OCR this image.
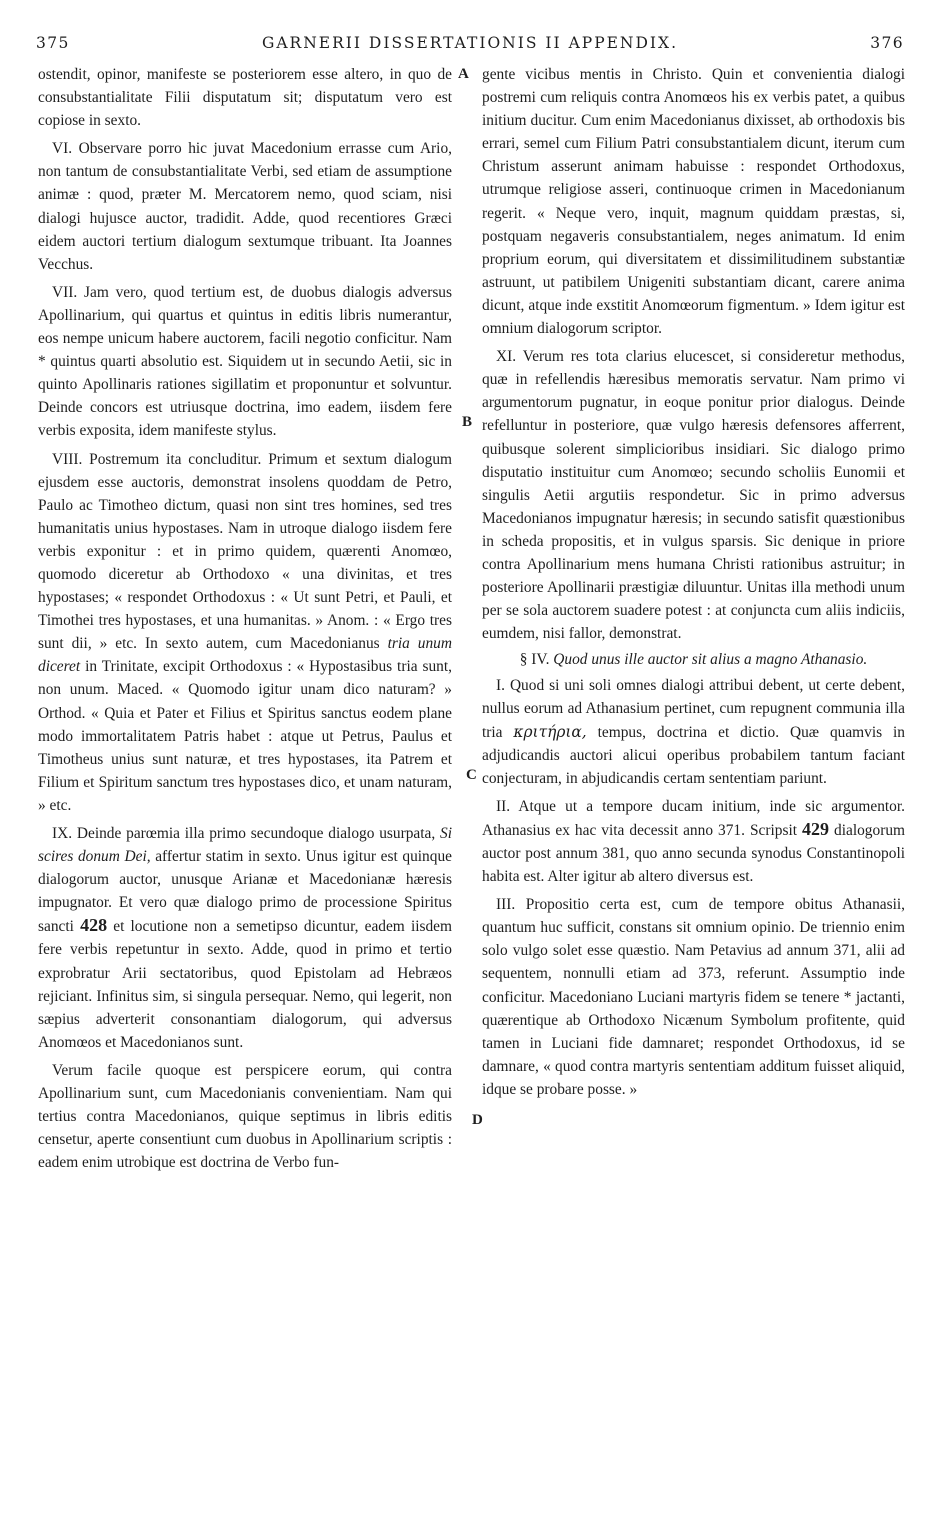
375	GARNERII DISSERTATIONIS II APPENDIX.	376
A
B
C
D

ostendit, opinor, manifeste se posteriorem esse altero, in quo de consubstantialitate Filii disputatum sit; disputatum vero est copiose in sexto.

VI. Observare porro hic juvat Macedonium errasse cum Ario, non tantum de consubstantialitate Verbi, sed etiam de assumptione animæ : quod, præter M. Mercatorem nemo, quod sciam, nisi dialogi hujusce auctor, tradidit. Adde, quod recentiores Græci eidem auctori tertium dialogum sextumque tribuant. Ita Joannes Vecchus.

VII. Jam vero, quod tertium est, de duobus dialogis adversus Apollinarium, qui quartus et quintus in editis libris numerantur, eos nempe unicum habere auctorem, facili negotio conficitur. Nam * quintus quarti absolutio est. Siquidem ut in secundo Aetii, sic in quinto Apollinaris rationes sigillatim et proponuntur et solvuntur. Deinde concors est utriusque doctrina, imo eadem, iisdem fere verbis exposita, idem manifeste stylus.

VIII. Postremum ita concluditur. Primum et sextum dialogum ejusdem esse auctoris, demonstrat insolens quoddam de Petro, Paulo ac Timotheo dictum, quasi non sint tres homines, sed tres humanitatis unius hypostases. Nam in utroque dialogo iisdem fere verbis exponitur : et in primo quidem, quærenti Anomœo, quomodo diceretur ab Orthodoxo « una divinitas, et tres hypostases; « respondet Orthodoxus : « Ut sunt Petri, et Pauli, et Timothei tres hypostases, et una humanitas. » Anom. : « Ergo tres sunt dii, » etc. In sexto autem, cum Macedonianus tria unum diceret in Trinitate, excipit Orthodoxus : « Hypostasibus tria sunt, non unum. Maced. « Quomodo igitur unam dico naturam? » Orthod. « Quia et Pater et Filius et Spiritus sanctus eodem plane modo immortalitatem Patris habet : atque ut Petrus, Paulus et Timotheus unius sunt naturæ, et tres hypostases, ita Patrem et Filium et Spiritum sanctum tres hypostases dico, et unam naturam, » etc.

IX. Deinde parœmia illa primo secundoque dialogo usurpata, Si scires donum Dei, affertur statim in sexto. Unus igitur est quinque dialogorum auctor, unusque Arianæ et Macedonianæ hæresis impugnator. Et vero quæ dialogo primo de processione Spiritus sancti 428 et locutione non a semetipso dicuntur, eadem iisdem fere verbis repetuntur in sexto. Adde, quod in primo et tertio exprobratur Arii sectatoribus, quod Epistolam ad Hebræos rejiciant. Infinitus sim, si singula persequar. Nemo, qui legerit, non sæpius adverterit consonantiam dialogorum, qui adversus Anomœos et Macedonianos sunt.

Verum facile quoque est perspicere eorum, qui contra Apollinarium sunt, cum Macedonianis convenientiam. Nam qui tertius contra Macedonianos, quique septimus in libris editis censetur, aperte consentiunt cum duobus in Apollinarium scriptis : eadem enim utrobique est doctrina de Verbo fun-

gente vicibus mentis in Christo. Quin et convenientia dialogi postremi cum reliquis contra Anomœos his ex verbis patet, a quibus initium ducitur. Cum enim Macedonianus dixisset, ab orthodoxis bis errari, semel cum Filium Patri consubstantialem dicunt, iterum cum Christum asserunt animam habuisse : respondet Orthodoxus, utrumque religiose asseri, continuoque crimen in Macedonianum regerit. « Neque vero, inquit, magnum quiddam præstas, si, postquam negaveris consubstantialem, neges animatum. Id enim proprium eorum, qui diversitatem et dissimilitudinem substantiæ astruunt, ut patibilem Unigeniti substantiam dicant, carere anima dicunt, atque inde exstitit Anomœorum figmentum. » Idem igitur est omnium dialogorum scriptor.

XI. Verum res tota clarius elucescet, si consideretur methodus, quæ in refellendis hæresibus memoratis servatur. Nam primo vi argumentorum pugnatur, in eoque ponitur prior dialogus. Deinde refelluntur in posteriore, quæ vulgo hæresis defensores afferrent, quibusque solerent simplicioribus insidiari. Sic dialogo primo disputatio instituitur cum Anomœo; secundo scholiis Eunomii et singulis Aetii argutiis respondetur. Sic in primo adversus Macedonianos impugnatur hæresis; in secundo satisfit quæstionibus in scheda propositis, et in vulgus sparsis. Sic denique in priore contra Apollinarium mens humana Christi rationibus astruitur; in posteriore Apollinarii præstigiæ diluuntur. Unitas illa methodi unum per se sola auctorem suadere potest : at conjuncta cum aliis indiciis, eumdem, nisi fallor, demonstrat.

§ IV. Quod unus ille auctor sit alius a magno Athanasio.

I. Quod si uni soli omnes dialogi attribui debent, ut certe debent, nullus eorum ad Athanasium pertinet, cum repugnent communia illa tria κριτήρια, tempus, doctrina et dictio. Quæ quamvis in adjudicandis auctori alicui operibus probabilem tantum faciant conjecturam, in abjudicandis certam sententiam pariunt.

II. Atque ut a tempore ducam initium, inde sic argumentor. Athanasius ex hac vita decessit anno 371. Scripsit 429 dialogorum auctor post annum 381, quo anno secunda synodus Constantinopoli habita est. Alter igitur ab altero diversus est.

III. Propositio certa est, cum de tempore obitus Athanasii, quantum huc sufficit, constans sit omnium opinio. De triennio enim solo vulgo solet esse quæstio. Nam Petavius ad annum 371, alii ad sequentem, nonnulli etiam ad 373, referunt. Assumptio inde conficitur. Macedoniano Luciani martyris fidem se tenere * jactanti, quærentique ab Orthodoxo Nicænum Symbolum profitente, quid tamen in Luciani fide damnaret; respondet Orthodoxus, id se damnare, « quod contra martyris sententiam additum fuisset aliquid, idque se probare posse. »
